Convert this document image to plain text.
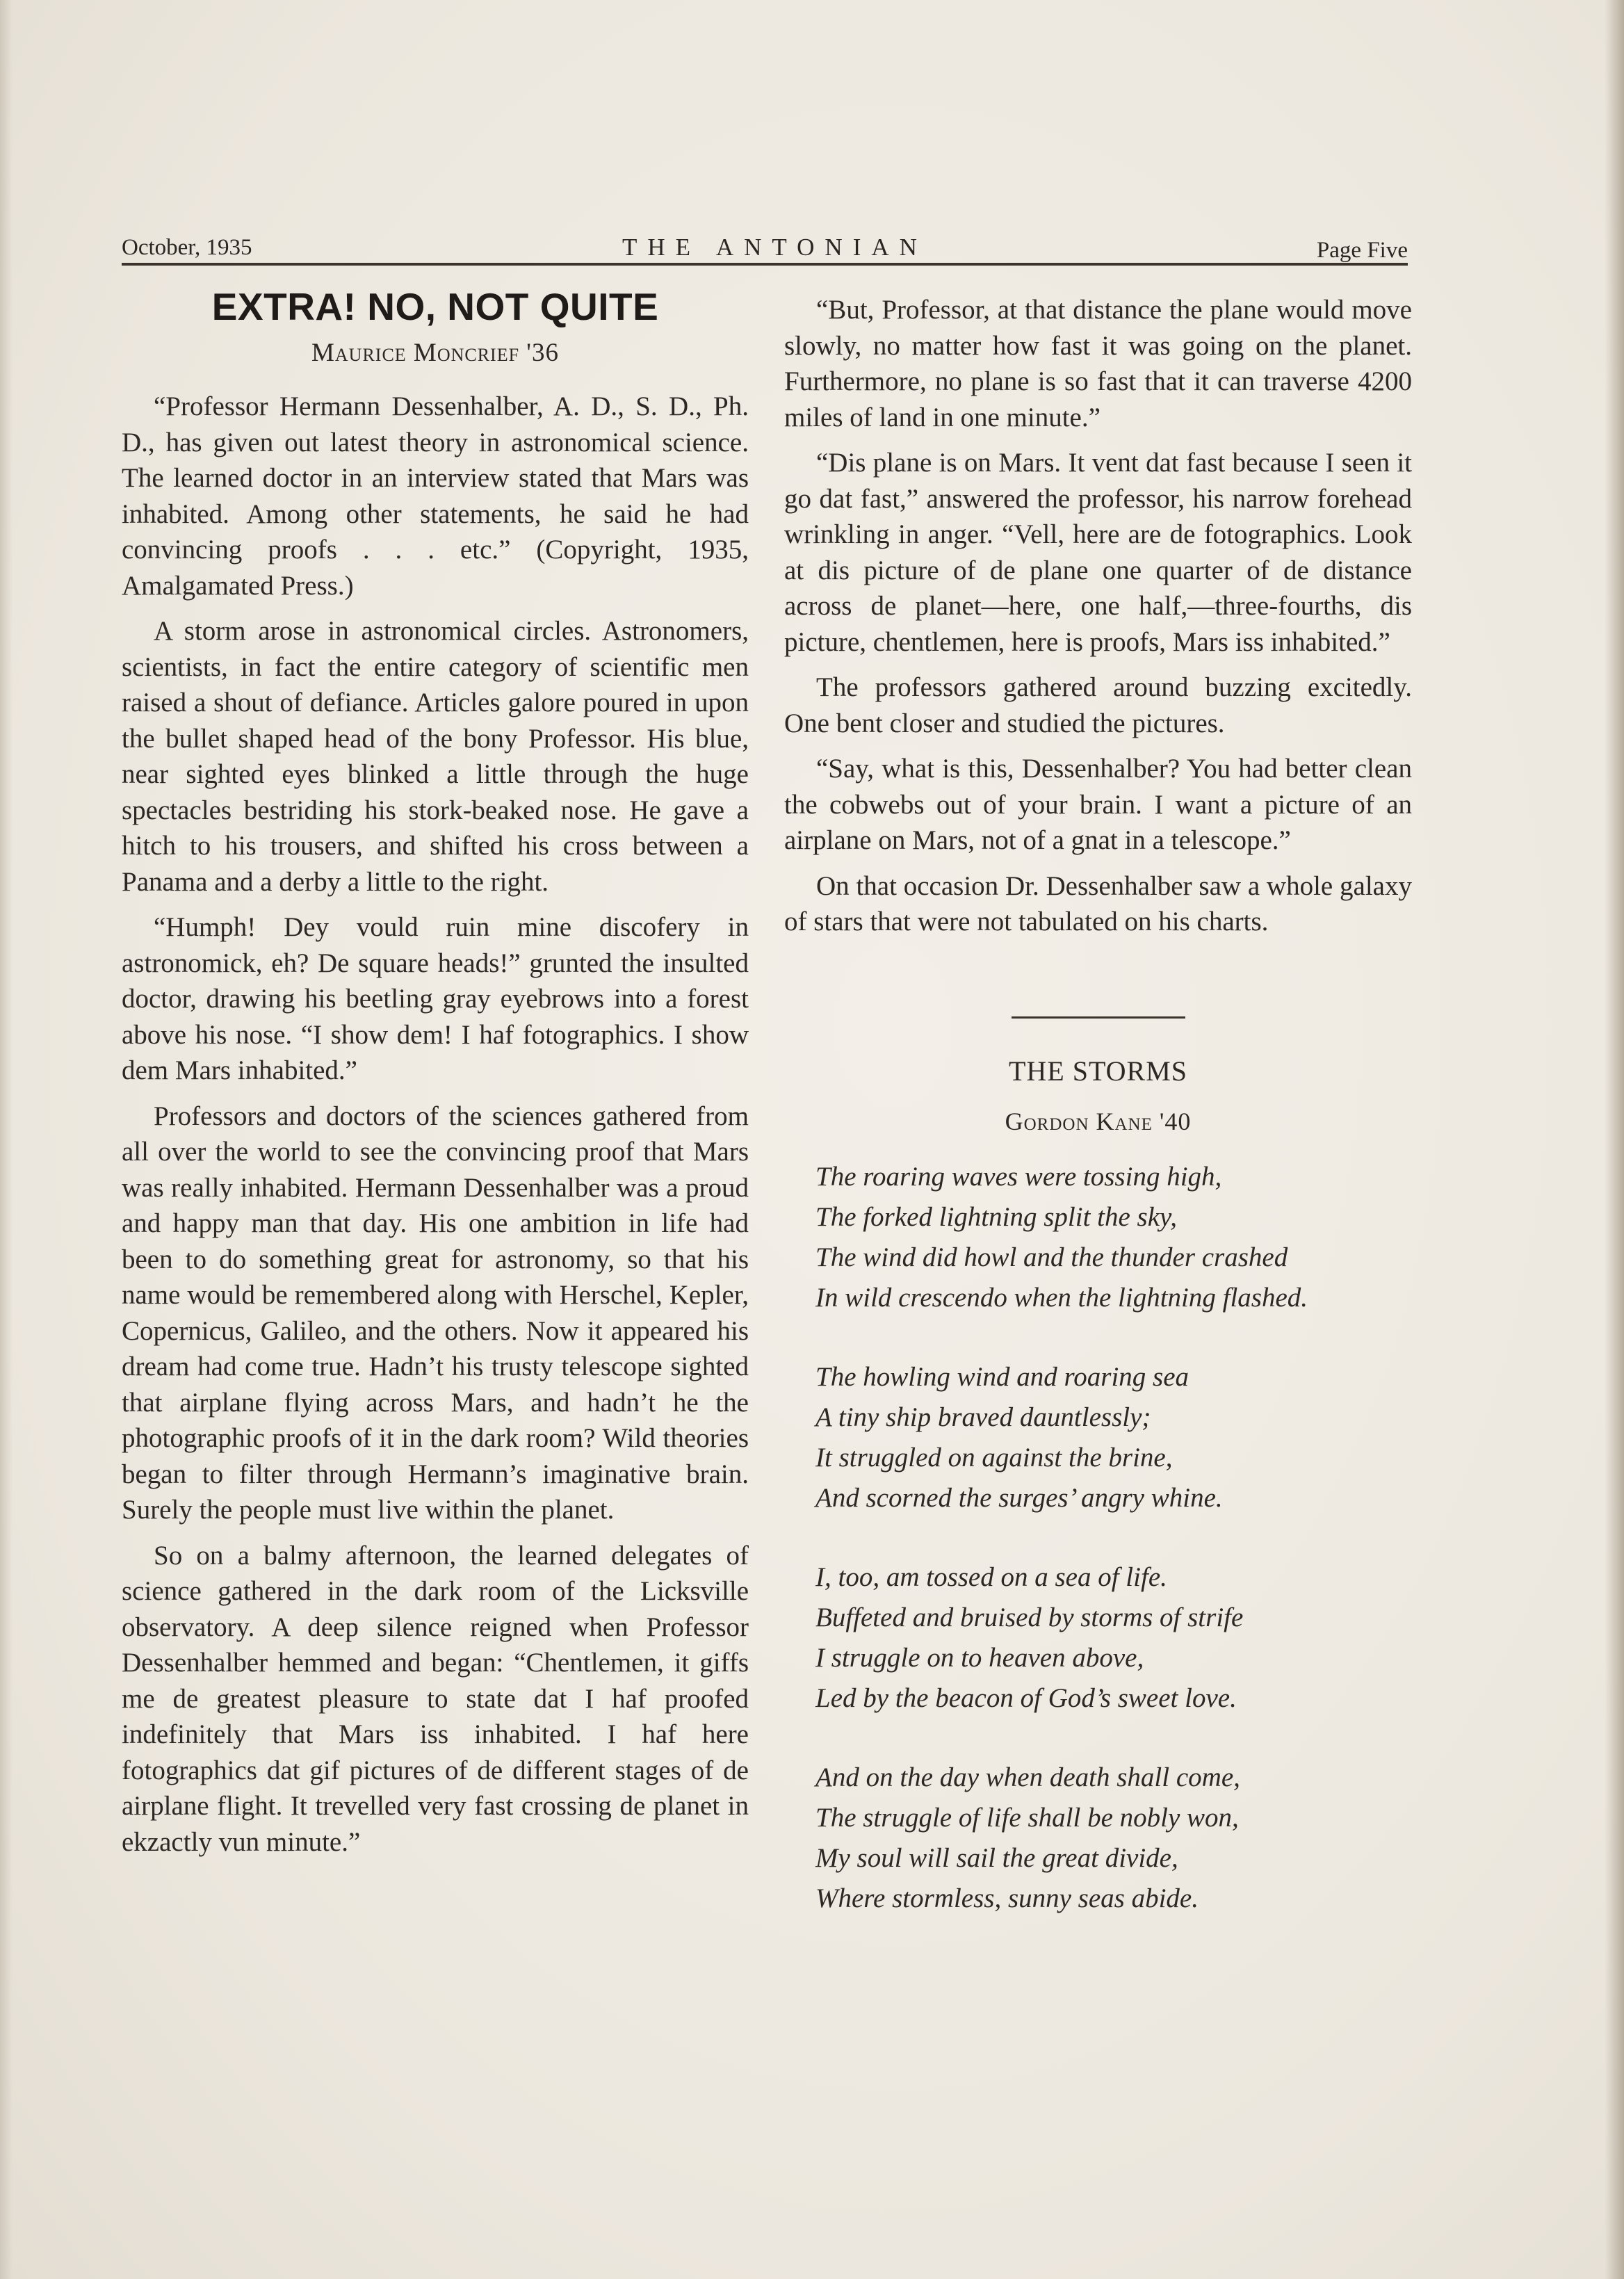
October, 1935	THE ANTONIAN	Page Five
EXTRA! NO, NOT QUITE
Maurice Moncrief '36

“Professor Hermann Dessenhalber, A. D., S. D., Ph. D., has given out latest theory in astronomical science. The learned doctor in an interview stated that Mars was inhabited. Among other statements, he said he had convincing proofs . . . etc.” (Copyright, 1935, Amalgamated Press.)

A storm arose in astronomical circles. Astronomers, scientists, in fact the entire category of scientific men raised a shout of defiance. Articles galore poured in upon the bullet shaped head of the bony Professor. His blue, near sighted eyes blinked a little through the huge spectacles bestriding his stork-beaked nose. He gave a hitch to his trousers, and shifted his cross between a Panama and a derby a little to the right.

“Humph! Dey vould ruin mine discofery in astronomick, eh? De square heads!” grunted the insulted doctor, drawing his beetling gray eyebrows into a forest above his nose. “I show dem! I haf fotographics. I show dem Mars inhabited.”

Professors and doctors of the sciences gathered from all over the world to see the convincing proof that Mars was really inhabited. Hermann Dessenhalber was a proud and happy man that day. His one ambition in life had been to do something great for astronomy, so that his name would be remembered along with Herschel, Kepler, Copernicus, Galileo, and the others. Now it appeared his dream had come true. Hadn’t his trusty telescope sighted that airplane flying across Mars, and hadn’t he the photographic proofs of it in the dark room? Wild theories began to filter through Hermann’s imaginative brain. Surely the people must live within the planet.

So on a balmy afternoon, the learned delegates of science gathered in the dark room of the Licksville observatory. A deep silence reigned when Professor Dessenhalber hemmed and began: “Chentlemen, it giffs me de greatest pleasure to state dat I haf proofed indefinitely that Mars iss inhabited. I haf here fotographics dat gif pictures of de different stages of de airplane flight. It trevelled very fast crossing de planet in ekzactly vun minute.”

“But, Professor, at that distance the plane would move slowly, no matter how fast it was going on the planet. Furthermore, no plane is so fast that it can traverse 4200 miles of land in one minute.”

“Dis plane is on Mars. It vent dat fast because I seen it go dat fast,” answered the professor, his narrow forehead wrinkling in anger. “Vell, here are de fotographics. Look at dis picture of de plane one quarter of de distance across de planet—here, one half,—three-fourths, dis picture, chentlemen, here is proofs, Mars iss inhabited.”

The professors gathered around buzzing excitedly. One bent closer and studied the pictures.

“Say, what is this, Dessenhalber? You had better clean the cobwebs out of your brain. I want a picture of an airplane on Mars, not of a gnat in a telescope.”

On that occasion Dr. Dessenhalber saw a whole galaxy of stars that were not tabulated on his charts.

THE STORMS
Gordon Kane '40
The roaring waves were tossing high,
The forked lightning split the sky,
The wind did howl and the thunder crashed
In wild crescendo when the lightning flashed.
The howling wind and roaring sea
A tiny ship braved dauntlessly;
It struggled on against the brine,
And scorned the surges’ angry whine.
I, too, am tossed on a sea of life.
Buffeted and bruised by storms of strife
I struggle on to heaven above,
Led by the beacon of God’s sweet love.
And on the day when death shall come,
The struggle of life shall be nobly won,
My soul will sail the great divide,
Where stormless, sunny seas abide.
